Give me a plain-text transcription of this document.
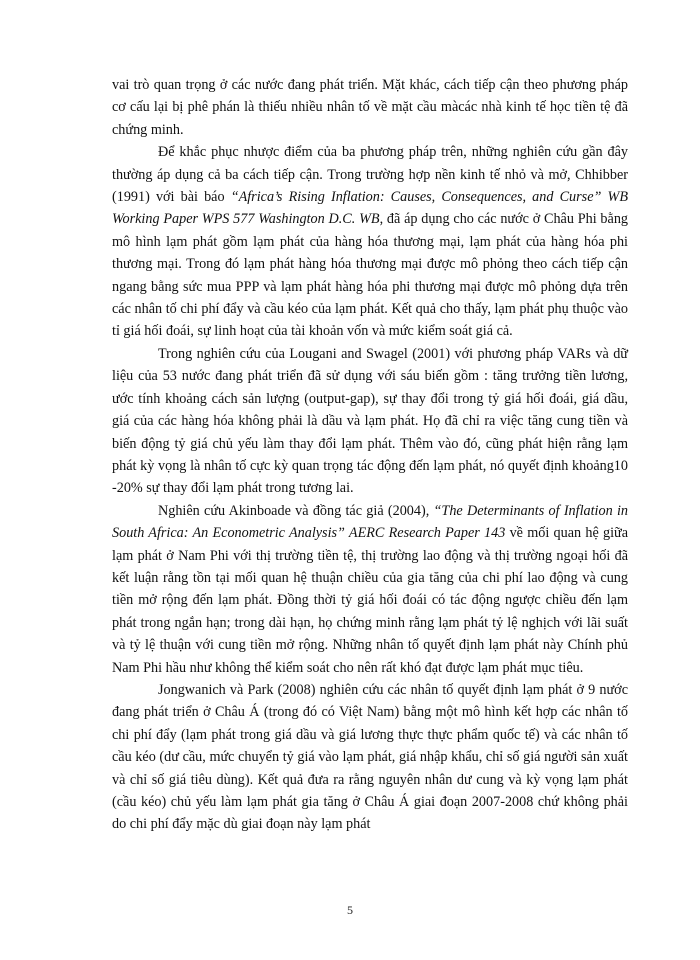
vai trò quan trọng ở các nước đang phát triển. Mặt khác, cách tiếp cận theo phương pháp cơ cấu lại bị phê phán là thiếu nhiều nhân tố về mặt cầu màcác nhà kinh tế học tiền tệ đã chứng minh.

Để khắc phục nhược điểm của ba phương pháp trên, những nghiên cứu gần đây thường áp dụng cả ba cách tiếp cận. Trong trường hợp nền kinh tế nhỏ và mở, Chhibber (1991) với bài báo “Africa’s Rising Inflation: Causes, Consequences, and Curse” WB Working Paper WPS 577 Washington D.C. WB, đã áp dụng cho các nước ở Châu Phi bằng mô hình lạm phát gồm lạm phát của hàng hóa thương mại, lạm phát của hàng hóa phi thương mại. Trong đó lạm phát hàng hóa thương mại được mô phỏng theo cách tiếp cận ngang bằng sức mua PPP và lạm phát hàng hóa phi thương mại được mô phỏng dựa trên các nhân tố chi phí đẩy và cầu kéo của lạm phát. Kết quả cho thấy, lạm phát phụ thuộc vào tỉ giá hối đoái, sự linh hoạt của tài khoản vốn và mức kiểm soát giá cả.

Trong nghiên cứu của Lougani and Swagel (2001) với phương pháp VARs và dữ liệu của 53 nước đang phát triển đã sử dụng với sáu biến gồm : tăng trưởng tiền lương, ước tính khoảng cách sản lượng (output-gap), sự thay đổi trong tỷ giá hối đoái, giá dầu, giá của các hàng hóa không phải là dầu và lạm phát. Họ đã chỉ ra việc tăng cung tiền và biến động tỷ giá chủ yếu làm thay đổi lạm phát. Thêm vào đó, cũng phát hiện rằng lạm phát kỳ vọng là nhân tố cực kỳ quan trọng tác động đến lạm phát, nó quyết định khoảng10 -20% sự thay đổi lạm phát trong tương lai.

Nghiên cứu Akinboade và đồng tác giả (2004), “The Determinants of Inflation in South Africa: An Econometric Analysis” AERC Research Paper 143 về mối quan hệ giữa lạm phát ở Nam Phi với thị trường tiền tệ, thị trường lao động và thị trường ngoại hối đã kết luận rằng tồn tại mối quan hệ thuận chiều của gia tăng của chi phí lao động và cung tiền mở rộng đến lạm phát. Đồng thời tỷ giá hối đoái có tác động ngược chiều đến lạm phát trong ngắn hạn; trong dài hạn, họ chứng minh rằng lạm phát tỷ lệ nghịch với lãi suất và tỷ lệ thuận với cung tiền mở rộng. Những nhân tố quyết định lạm phát này Chính phủ Nam Phi hầu như không thể kiểm soát cho nên rất khó đạt được lạm phát mục tiêu.

Jongwanich và Park (2008) nghiên cứu các nhân tố quyết định lạm phát ở 9 nước đang phát triển ở Châu Á (trong đó có Việt Nam) bằng một mô hình kết hợp các nhân tố chi phí đẩy (lạm phát trong giá dầu và giá lương thực thực phẩm quốc tế) và các nhân tố cầu kéo (dư cầu, mức chuyển tỷ giá vào lạm phát, giá nhập khẩu, chỉ số giá người sản xuất và chỉ số giá tiêu dùng). Kết quả đưa ra rằng nguyên nhân dư cung và kỳ vọng lạm phát (cầu kéo) chủ yếu làm lạm phát gia tăng ở Châu Á giai đoạn 2007-2008 chứ không phải do chi phí đẩy mặc dù giai đoạn này lạm phát

5
